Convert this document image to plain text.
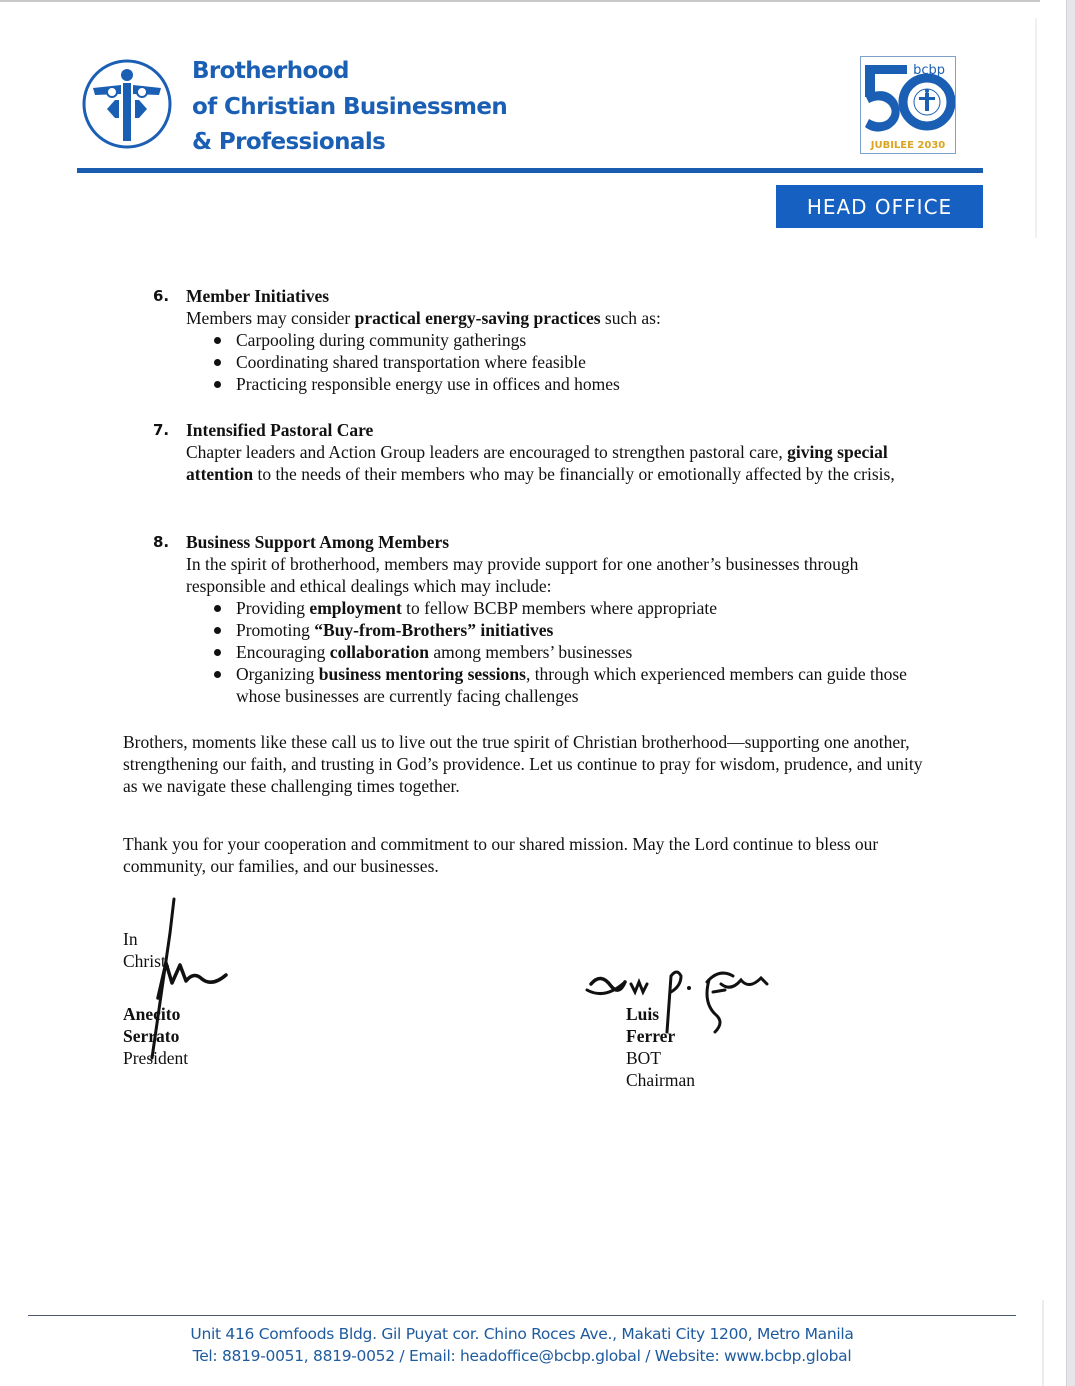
Brotherhood
of Christian Businessmen
& Professionals
bcbp
JUBILEE 2030
HEAD OFFICE
6. Member Initiatives
Members may consider practical energy-saving practices such as:
Carpooling during community gatherings
Coordinating shared transportation where feasible
Practicing responsible energy use in offices and homes
7. Intensified Pastoral Care
Chapter leaders and Action Group leaders are encouraged to strengthen pastoral care, giving special attention to the needs of their members who may be financially or emotionally affected by the crisis,
8. Business Support Among Members
In the spirit of brotherhood, members may provide support for one another’s businesses through responsible and ethical dealings which may include:
Providing employment to fellow BCBP members where appropriate
Promoting “Buy-from-Brothers” initiatives
Encouraging collaboration among members’ businesses
Organizing business mentoring sessions, through which experienced members can guide those whose businesses are currently facing challenges
Brothers, moments like these call us to live out the true spirit of Christian brotherhood—supporting one another, strengthening our faith, and trusting in God’s providence. Let us continue to pray for wisdom, prudence, and unity as we navigate these challenging times together.
Thank you for your cooperation and commitment to our shared mission. May the Lord continue to bless our community, our families, and our businesses.
In Christ,
Anecito Serrato
President
Luis Ferrer
BOT Chairman
Unit 416 Comfoods Bldg. Gil Puyat cor. Chino Roces Ave., Makati City 1200, Metro Manila
Tel: 8819-0051, 8819-0052 / Email: headoffice@bcbp.global / Website: www.bcbp.global
